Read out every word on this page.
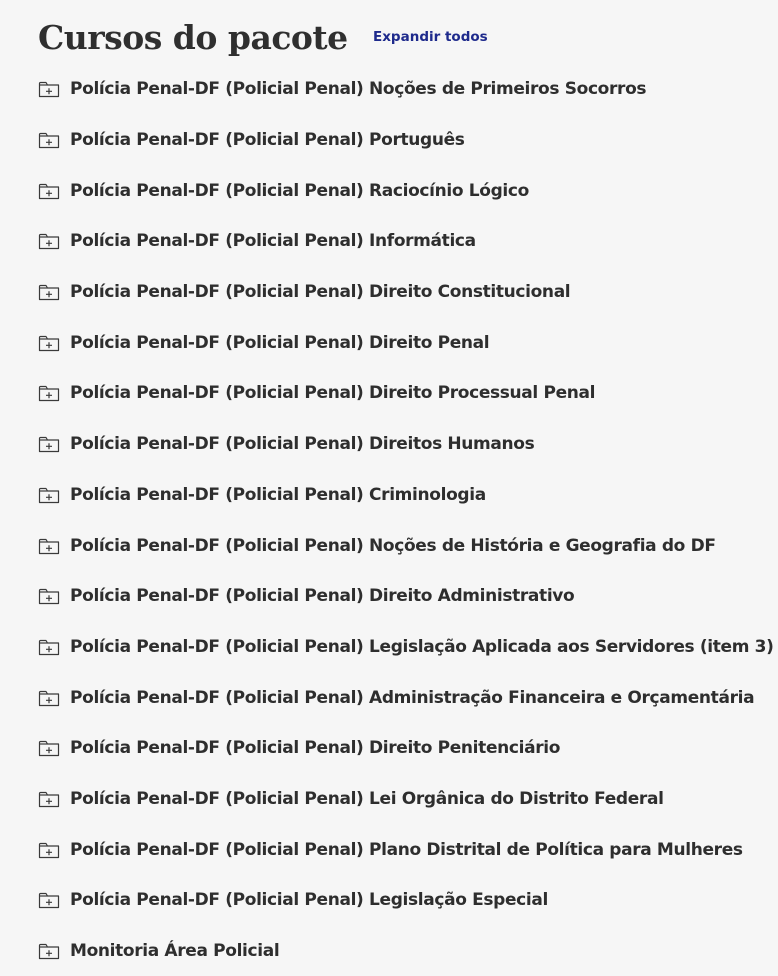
Cursos do pacote Expandir todos
Polícia Penal-DF (Policial Penal) Noções de Primeiros Socorros
Polícia Penal-DF (Policial Penal) Português
Polícia Penal-DF (Policial Penal) Raciocínio Lógico
Polícia Penal-DF (Policial Penal) Informática
Polícia Penal-DF (Policial Penal) Direito Constitucional
Polícia Penal-DF (Policial Penal) Direito Penal
Polícia Penal-DF (Policial Penal) Direito Processual Penal
Polícia Penal-DF (Policial Penal) Direitos Humanos
Polícia Penal-DF (Policial Penal) Criminologia
Polícia Penal-DF (Policial Penal) Noções de História e Geografia do DF
Polícia Penal-DF (Policial Penal) Direito Administrativo
Polícia Penal-DF (Policial Penal) Legislação Aplicada aos Servidores (item 3)
Polícia Penal-DF (Policial Penal) Administração Financeira e Orçamentária
Polícia Penal-DF (Policial Penal) Direito Penitenciário
Polícia Penal-DF (Policial Penal) Lei Orgânica do Distrito Federal
Polícia Penal-DF (Policial Penal) Plano Distrital de Política para Mulheres
Polícia Penal-DF (Policial Penal) Legislação Especial
Monitoria Área Policial
